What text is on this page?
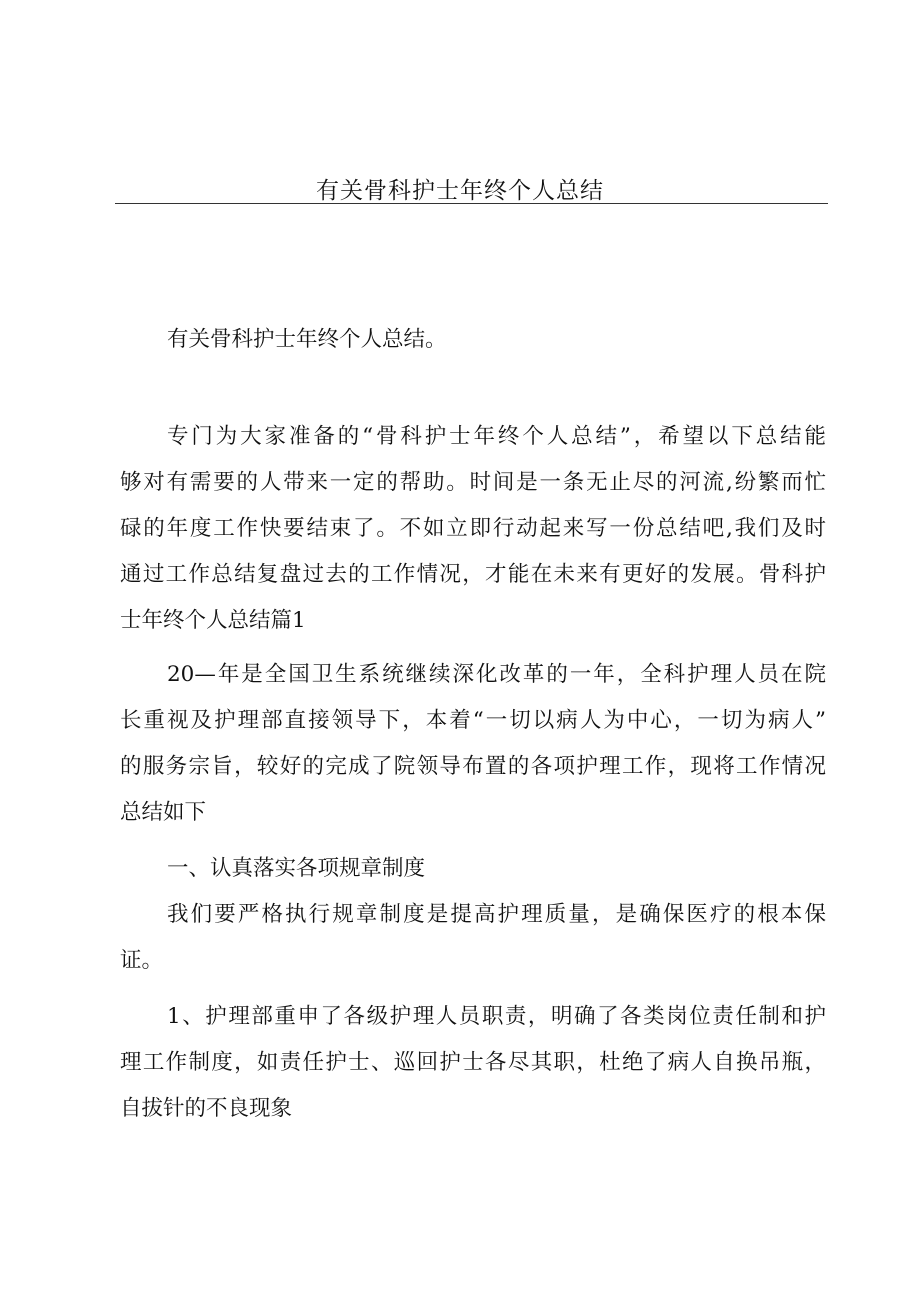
有关骨科护士年终个人总结
有关骨科护士年终个人总结。
专门为大家准备的“骨科护士年终个人总结”，希望以下总结能
够对有需要的人带来一定的帮助。时间是一条无止尽的河流,纷繁而忙
碌的年度工作快要结束了。不如立即行动起来写一份总结吧,我们及时
通过工作总结复盘过去的工作情况，才能在未来有更好的发展。骨科护
士年终个人总结篇1
20—年是全国卫生系统继续深化改革的一年，全科护理人员在院
长重视及护理部直接领导下，本着“一切以病人为中心，一切为病人”
的服务宗旨，较好的完成了院领导布置的各项护理工作，现将工作情况
总结如下
一、认真落实各项规章制度
我们要严格执行规章制度是提高护理质量，是确保医疗的根本保
证。
1、护理部重申了各级护理人员职责，明确了各类岗位责任制和护
理工作制度，如责任护士、巡回护士各尽其职，杜绝了病人自换吊瓶，
自拔针的不良现象
